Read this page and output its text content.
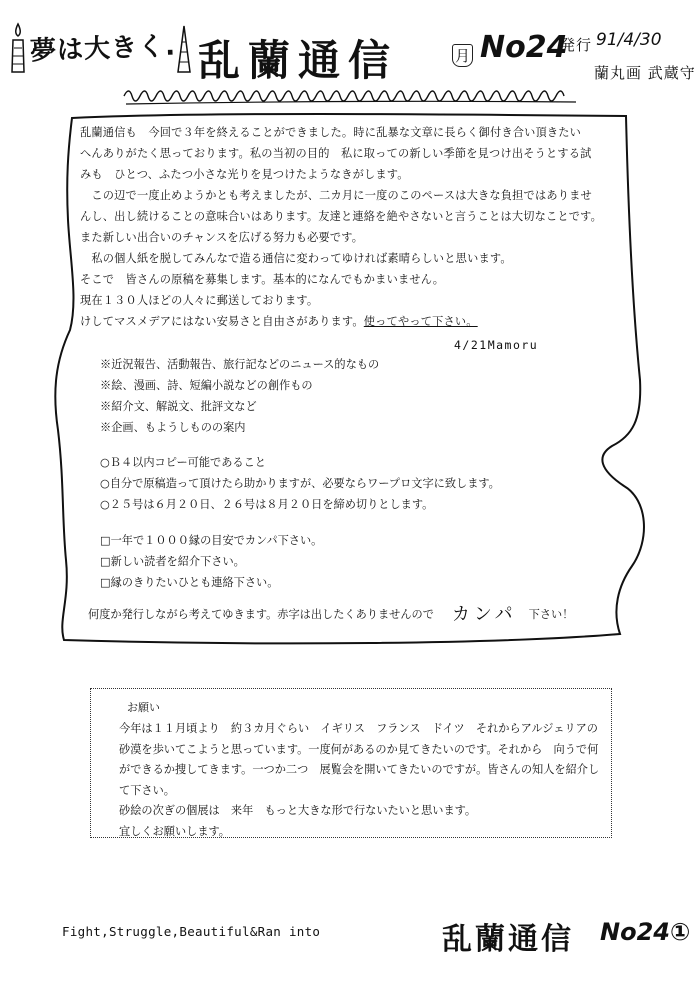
夢は大きく. 乱蘭通信	月 No24
発行 91/4/30
蘭丸画 武蔵守

乱蘭通信も　今回で３年を終えることができました。時に乱暴な文章に長らく御付き合い頂きたい

へんありがたく思っております。私の当初の目的　私に取っての新しい季節を見つけ出そうとする試

みも　ひとつ、ふたつ小さな光りを見つけたようなきがします。

　この辺で一度止めようかとも考えましたが、二カ月に一度のこのペースは大きな負担ではありませ

んし、出し続けることの意味合いはあります。友達と連絡を絶やさないと言うことは大切なことです。

また新しい出合いのチャンスを広げる努力も必要です。

　私の個人紙を脱してみんなで造る通信に変わってゆければ素晴らしいと思います。

そこで　皆さんの原稿を募集します。基本的になんでもかまいません。

現在１３０人ほどの人々に郵送しております。

けしてマスメデアにはない安易さと自由さがあります。使ってやって下さい。

4/21Mamoru

※近況報告、活動報告、旅行記などのニュース的なもの

※絵、漫画、詩、短編小説などの創作もの

※紹介文、解説文、批評文など

※企画、もようしものの案内

○Ｂ４以内コピー可能であること

○自分で原稿造って頂けたら助かりますが、必要ならワープロ文字に致します。

○２５号は６月２０日、２６号は８月２０日を締め切りとします。

□一年で１０００縁の目安でカンパ下さい。

□新しい読者を紹介下さい。

□縁のきりたいひとも連絡下さい。

何度か発行しながら考えてゆきます。赤字は出したくありませんので カンパ 下さい！
お願い

今年は１１月頃より　約３カ月ぐらい　イギリス　フランス　ドイツ　それからアルジェリアの

砂漠を歩いてこようと思っています。一度何があるのか見てきたいのです。それから　向うで何

ができるか捜してきます。一つか二つ　展覧会を開いてきたいのですが。皆さんの知人を紹介し

て下さい。

砂絵の次ぎの個展は　来年　もっと大きな形で行ないたいと思います。

宜しくお願いします。

Fight,Struggle,Beautiful&Ran into	乱蘭通信 No24①
